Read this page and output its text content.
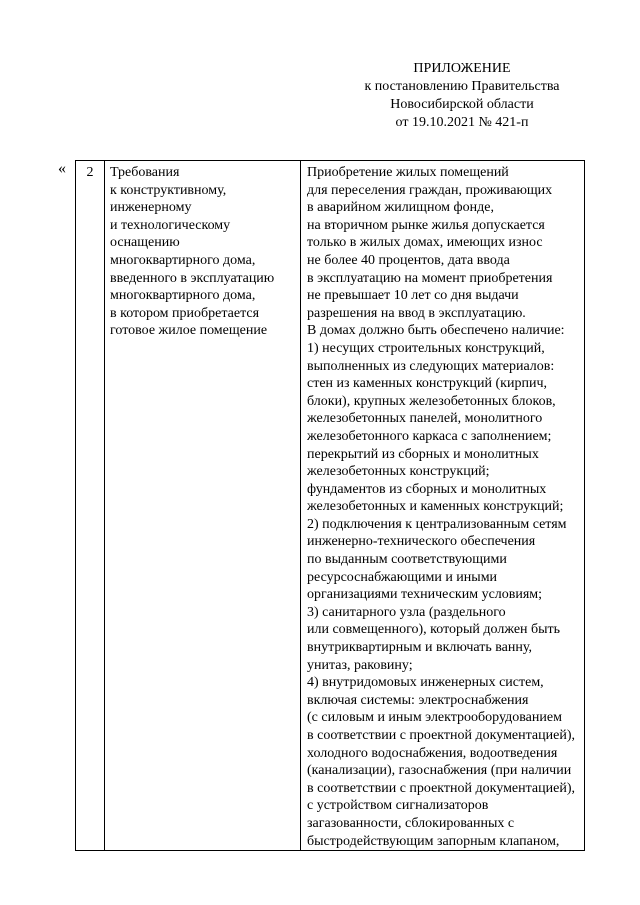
ПРИЛОЖЕНИЕ
к постановлению Правительства
Новосибирской области
от 19.10.2021 № 421-п
« 2	Требования
к конструктивному,
инженерному
и технологическому
оснащению
многоквартирного дома,
введенного в эксплуатацию
многоквартирного дома,
в котором приобретается
готовое жилое помещение

Приобретение жилых помещений
для переселения граждан, проживающих
в аварийном жилищном фонде,
на вторичном рынке жилья допускается
только в жилых домах, имеющих износ
не более 40 процентов, дата ввода
в эксплуатацию на момент приобретения
не превышает 10 лет со дня выдачи
разрешения на ввод в эксплуатацию.
В домах должно быть обеспечено наличие:
1) несущих строительных конструкций,
выполненных из следующих материалов:
стен из каменных конструкций (кирпич,
блоки), крупных железобетонных блоков,
железобетонных панелей, монолитного
железобетонного каркаса с заполнением;
перекрытий из сборных и монолитных
железобетонных конструкций;
фундаментов из сборных и монолитных
железобетонных и каменных конструкций;
2) подключения к централизованным сетям
инженерно-технического обеспечения
по выданным соответствующими
ресурсоснабжающими и иными
организациями техническим условиям;
3) санитарного узла (раздельного
или совмещенного), который должен быть
внутриквартирным и включать ванну,
унитаз, раковину;
4) внутридомовых инженерных систем,
включая системы: электроснабжения
(с силовым и иным электрооборудованием
в соответствии с проектной документацией),
холодного водоснабжения, водоотведения
(канализации), газоснабжения (при наличии
в соответствии с проектной документацией),
с устройством сигнализаторов
загазованности, сблокированных с
быстродействующим запорным клапаном,
